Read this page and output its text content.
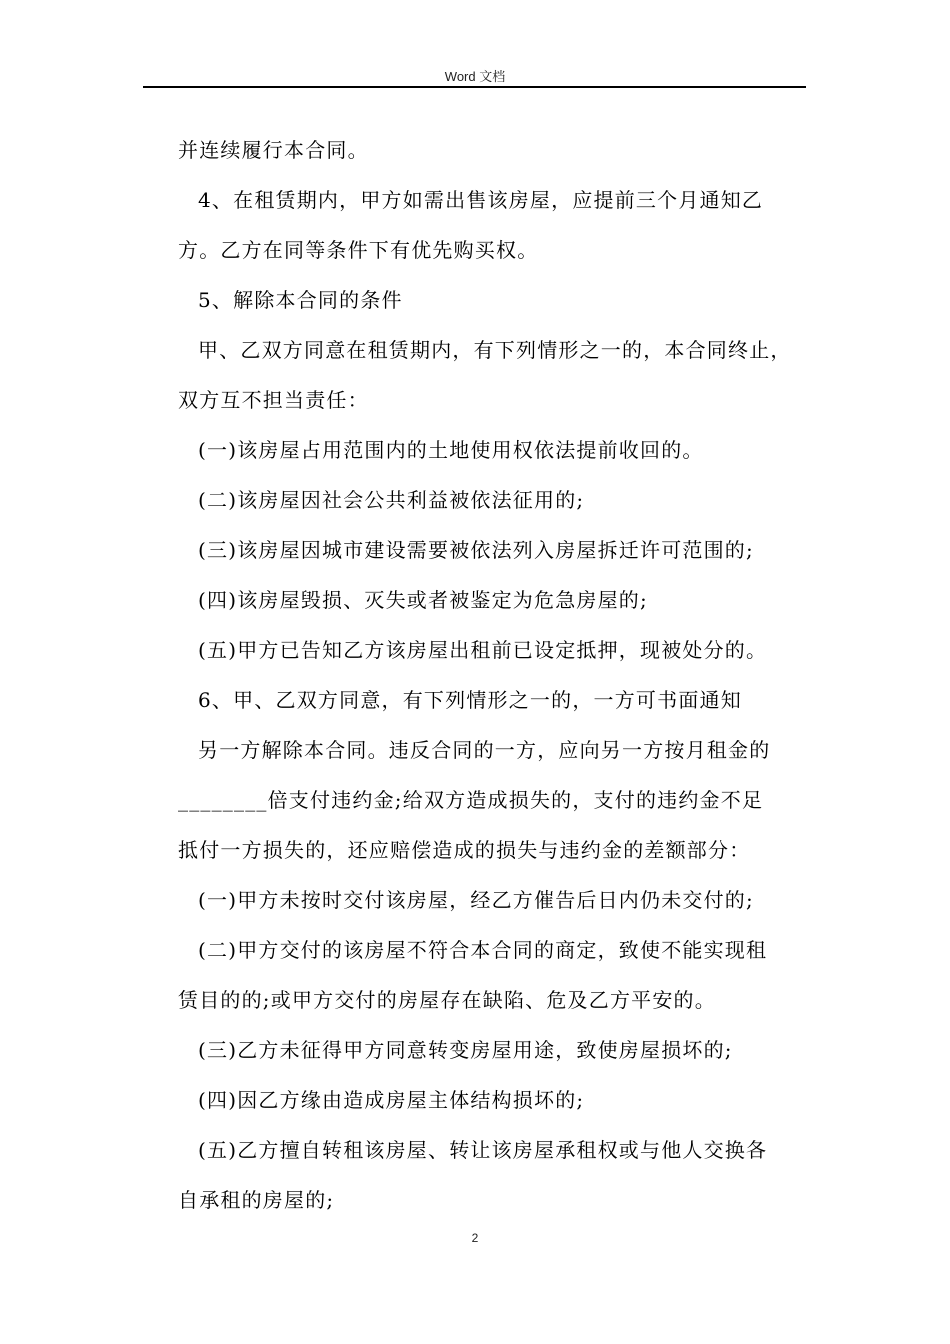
Word 文档
并连续履行本合同。
4、在租赁期内，甲方如需出售该房屋，应提前三个月通知乙
方。乙方在同等条件下有优先购买权。
5、解除本合同的条件
甲、乙双方同意在租赁期内，有下列情形之一的，本合同终止，
双方互不担当责任：
(一)该房屋占用范围内的土地使用权依法提前收回的。
(二)该房屋因社会公共利益被依法征用的;
(三)该房屋因城市建设需要被依法列入房屋拆迁许可范围的;
(四)该房屋毁损、灭失或者被鉴定为危急房屋的;
(五)甲方已告知乙方该房屋出租前已设定抵押，现被处分的。
6、甲、乙双方同意，有下列情形之一的，一方可书面通知
另一方解除本合同。违反合同的一方，应向另一方按月租金的
________倍支付违约金;给双方造成损失的，支付的违约金不足
抵付一方损失的，还应赔偿造成的损失与违约金的差额部分：
(一)甲方未按时交付该房屋，经乙方催告后日内仍未交付的;
(二)甲方交付的该房屋不符合本合同的商定，致使不能实现租
赁目的的;或甲方交付的房屋存在缺陷、危及乙方平安的。
(三)乙方未征得甲方同意转变房屋用途，致使房屋损坏的;
(四)因乙方缘由造成房屋主体结构损坏的;
(五)乙方擅自转租该房屋、转让该房屋承租权或与他人交换各
自承租的房屋的;
2
